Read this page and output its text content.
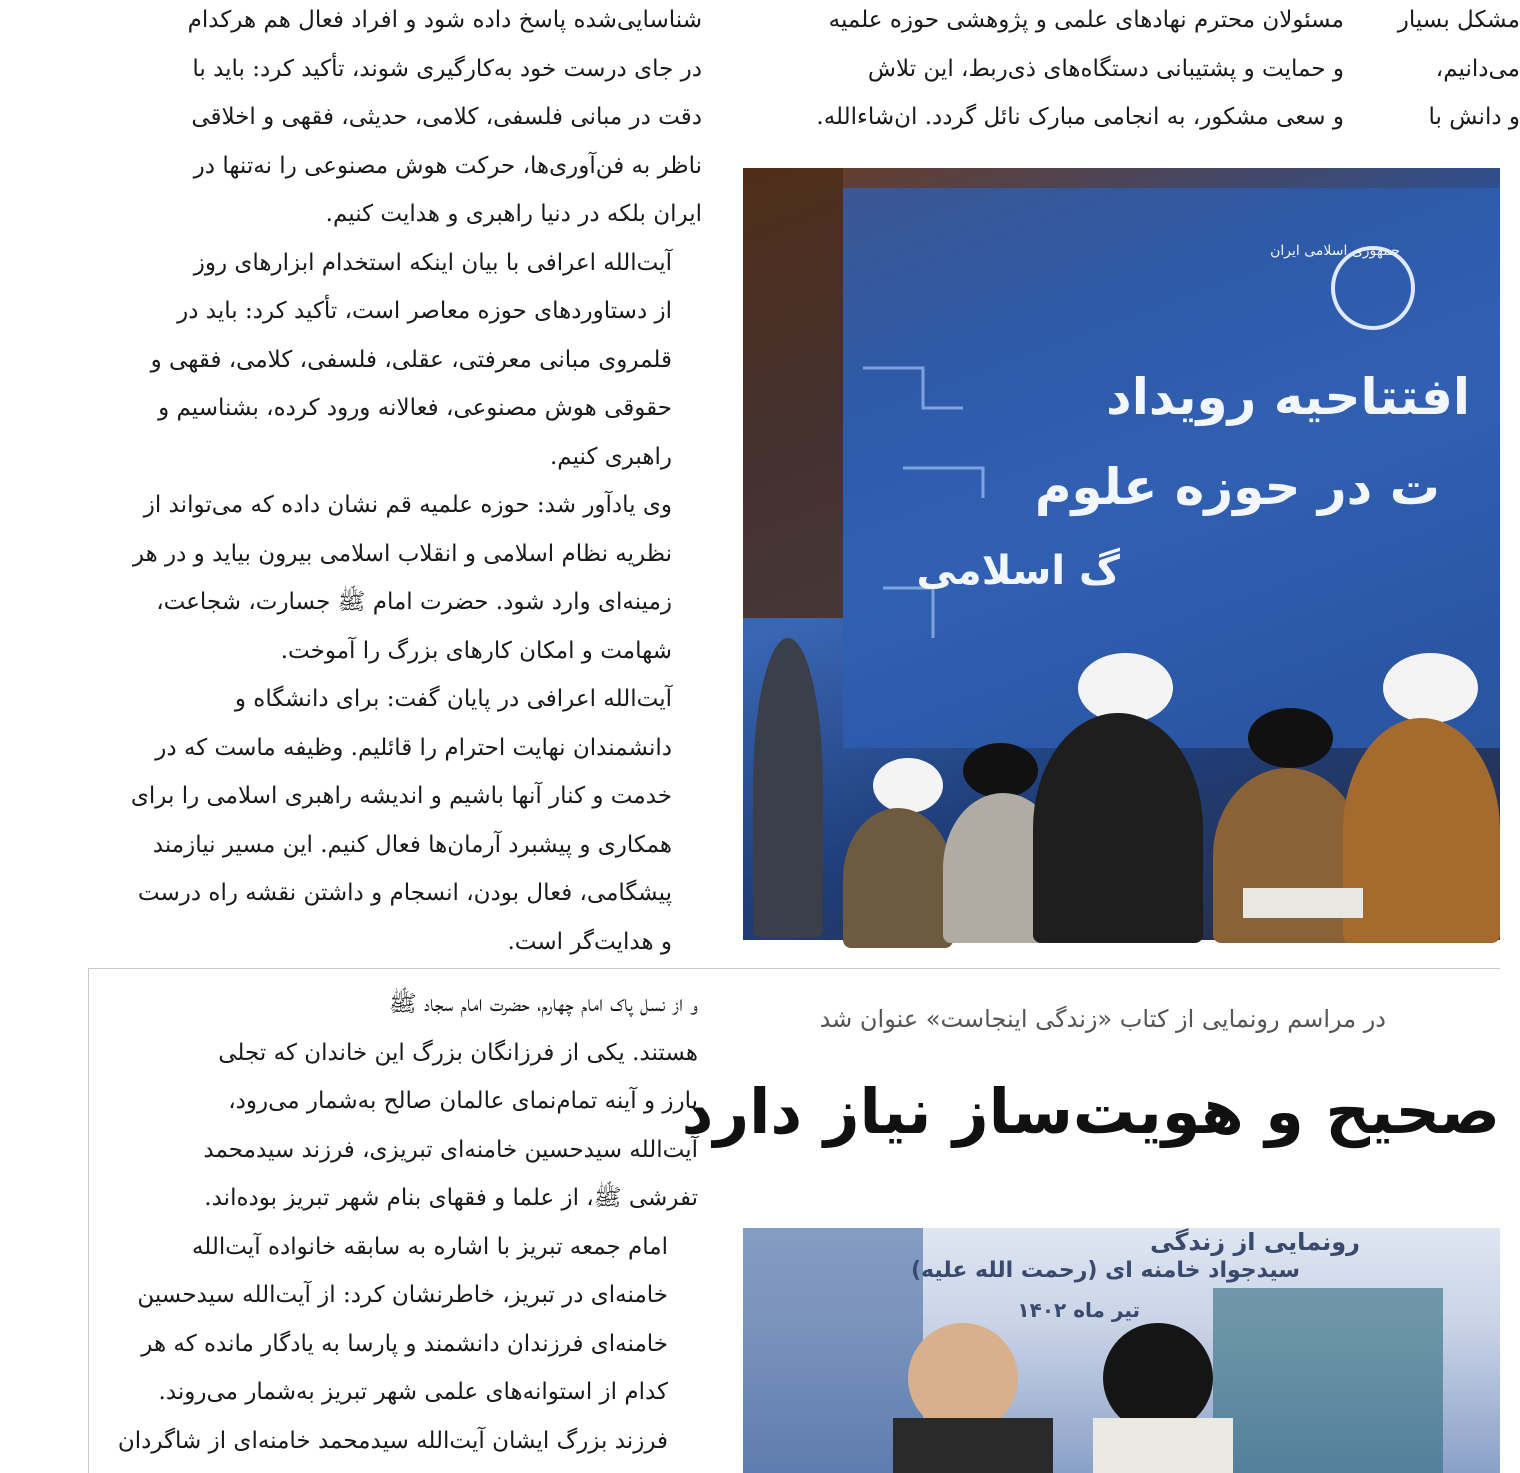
شناسایی‌شده پاسخ داده شود و افراد فعال هم هرکدام
در جای درست خود به‌کارگیری شوند، تأکید کرد: باید با
دقت در مبانی فلسفی، کلامی، حدیثی، فقهی و اخلاقی
ناظر به فن‌آوری‌ها، حرکت هوش مصنوعی را نه‌تنها در
ایران بلکه در دنیا راهبری و هدایت کنیم.

آیت‌الله اعرافی با بیان اینکه استخدام ابزارهای روز
از دستاوردهای حوزه معاصر است، تأکید کرد: باید در
قلمروی مبانی معرفتی، عقلی، فلسفی، کلامی، فقهی و
حقوقی هوش مصنوعی، فعالانه ورود کرده، بشناسیم و
راهبری کنیم.

وی یادآور شد: حوزه علمیه قم نشان داده که می‌تواند از
نظریه نظام اسلامی و انقلاب اسلامی بیرون بیاید و در هر
زمینه‌ای وارد شود. حضرت امام ﷺ جسارت، شجاعت،
شهامت و امکان کارهای بزرگ را آموخت.

آیت‌الله اعرافی در پایان گفت: برای دانشگاه و
دانشمندان نهایت احترام را قائلیم. وظیفه ماست که در
خدمت و کنار آنها باشیم و اندیشه راهبری اسلامی را برای
همکاری و پیشبرد آرمان‌ها فعال کنیم. این مسیر نیازمند
پیشگامی، فعال بودن، انسجام و داشتن نقشه راه درست
و هدایت‌گر است.

مسئولان محترم نهادهای علمی و پژوهشی حوزه علمیه
و حمایت و پشتیبانی دستگاه‌های ذی‌ربط، این تلاش
و سعی مشکور، به انجامی مبارک نائل گردد. ان‌شاءالله.
مشکل بسیار
می‌دانیم،
و دانش با
افتتاحیه رویداد
ت در حوزه علوم
گ اسلامی
جمهوری اسلامی ایران

و از نسل پاک امام چهارم، حضرت امام سجاد ﷺ
هستند. یکی از فرزانگان بزرگ این خاندان که تجلی
بارز و آینه تمام‌نمای عالمان صالح به‌شمار می‌رود،
آیت‌الله سیدحسین خامنه‌ای تبریزی، فرزند سیدمحمد
تفرشی ﷺ، از علما و فقهای بنام شهر تبریز بوده‌اند.

امام جمعه تبریز با اشاره به سابقه خانواده آیت‌الله
خامنه‌ای در تبریز، خاطرنشان کرد: از آیت‌الله سیدحسین
خامنه‌ای فرزندان دانشمند و پارسا به یادگار مانده که هر
کدام از استوانه‌های علمی شهر تبریز به‌شمار می‌روند.
فرزند بزرگ ایشان آیت‌الله سیدمحمد خامنه‌ای از شاگردان

در مراسم رونمایی از کتاب «زندگی اینجاست» عنوان شد
صحیح و هویت‌ساز نیاز دارد
رونمایی از زندگی
سیدجواد خامنه ای (رحمت الله علیه)
تیر ماه ۱۴۰۲
